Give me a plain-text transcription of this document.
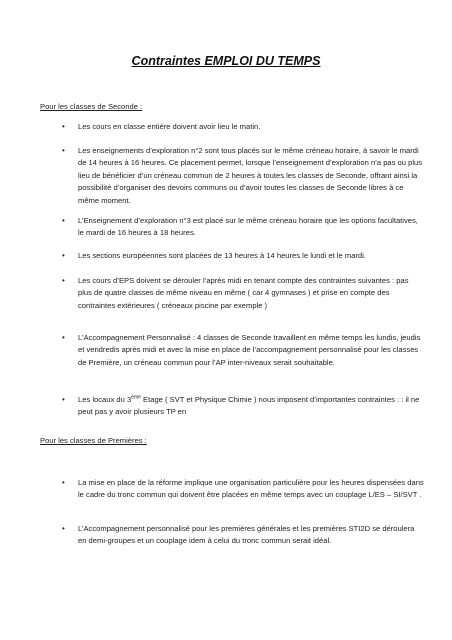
Contraintes EMPLOI DU TEMPS
Pour les classes de Seconde :
• Les cours en classe entière doivent avoir lieu le matin.
• Les enseignements d’exploration n°2 sont tous placés sur le même créneau horaire, à savoir le mardi de 14 heures à 16 heures. Ce placement permet, lorsque l’enseignement d’exploration n’a pas ou plus lieu de bénéficier d’un créneau commun de 2 heures à toutes les classes de Seconde, offrant ainsi la possibilité d’organiser des devoirs communs ou d’avoir toutes les classes de Seconde libres à ce même moment.
• L’Enseignement d’exploration n°3 est placé sur le même créneau horaire que les options facultatives, le mardi de 16 heures à 18 heures.
• Les sections européennes sont placées de 13 heures à 14 heures le lundi et le mardi.
• Les cours d’EPS doivent se dérouler l’après midi en tenant compte des contraintes suivantes : pas plus de quatre classes de même niveau en même ( car 4 gymnases ) et prise en compte des contraintes extérieures ( créneaux piscine par exemple )
• L’Accompagnement Personnalisé : 4 classes de Seconde travaillent en même temps les lundis, jeudis et vendredis après midi et avec la mise en place de l’accompagnement personnalisé pour les classes de Première, un créneau commun pour l’AP inter-niveaux serait souhaitable.
• Les locaux du 3ème Etage ( SVT et Physique Chimie ) nous imposent d’importantes contraintes : : il ne peut pas y avoir plusieurs TP en
Pour les classes de Premières :
• La mise en place de la réforme implique une organisation particulière pour les heures dispensées dans le cadre du tronc commun qui doivent être placées en même temps avec un couplage L/ES – SI/SVT .
• L’Accompagnement personnalisé pour les premières générales et les premières STI2D se déroulera en demi-groupes et un couplage idem à celui du tronc commun serait idéal.
